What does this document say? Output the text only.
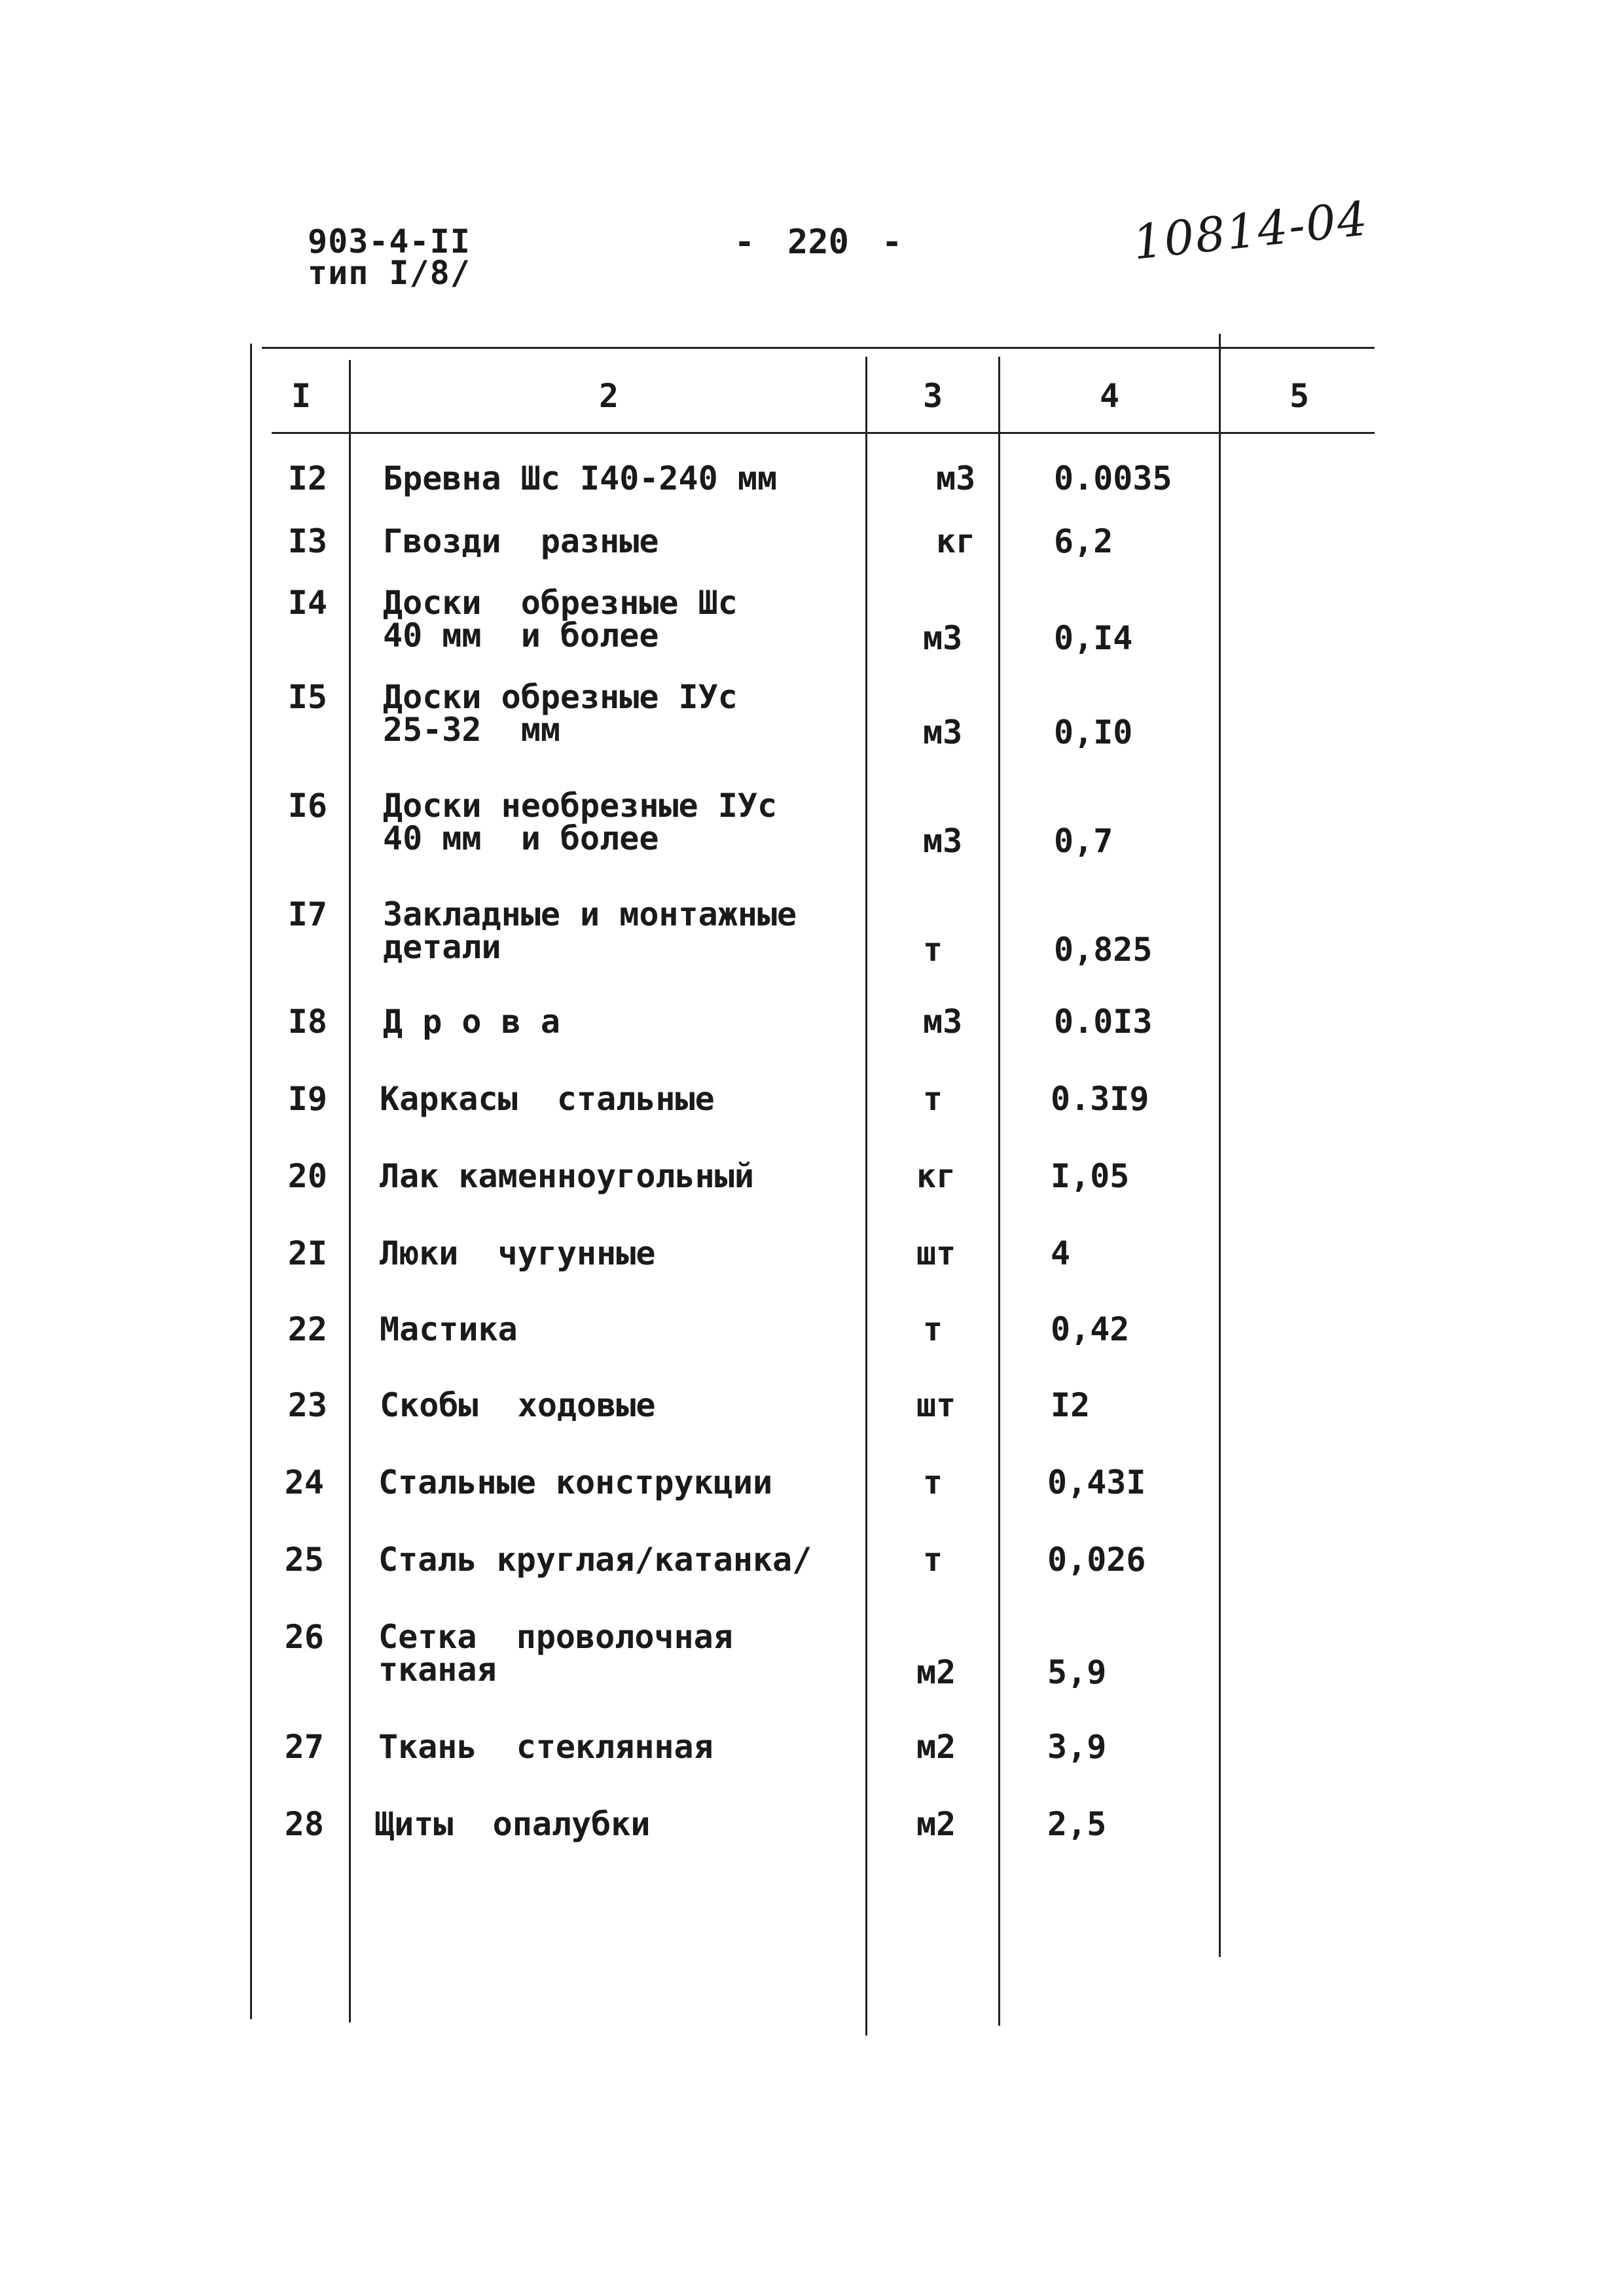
903-4-II
тип I/8/
- 220 -	10814-04
I	2	3	4	5
I2 Бревна Шс I40-240 мм	м3 0.0035
I3 Гвозди  разные	кг 6,2
I4 Доски  обрезные Шс
40 мм  и более	м3	0,I4
I5 Доски обрезные IУс
25-32  мм	м3	0,I0
I6 Доски необрезные IУс
40 мм  и более	м3	0,7
I7 Закладные и монтажные
детали	т	0,825
I8 Д р о в а	м3	0.0I3
I9 Каркасы  стальные	т	0.3I9
20 Лак каменноугольный	кг	I,05
2I Люки  чугунные	шт	4
22 Мастика	т	0,42
23 Скобы  ходовые	шт	I2
24 Стальные конструкции	т	0,43I
25 Сталь круглая/катанка/	т	0,026
26 Сетка  проволочная
тканая	м2	5,9
27 Ткань  стеклянная	м2	3,9
28 Щиты  опалубки	м2	2,5
